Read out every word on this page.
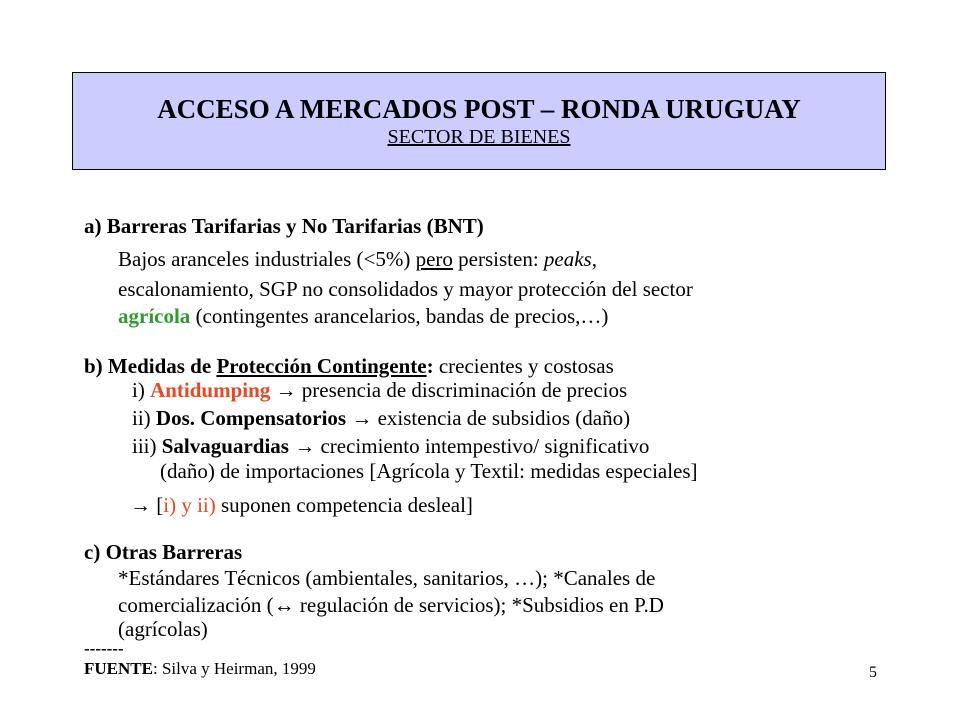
ACCESO A MERCADOS POST – RONDA URUGUAY
SECTOR DE BIENES
a) Barreras Tarifarias y No Tarifarias (BNT)
Bajos aranceles industriales (<5%) pero persisten: peaks,
escalonamiento, SGP no consolidados y mayor protección del sector
agrícola (contingentes arancelarios, bandas de precios,…)
b) Medidas de Protección Contingente: crecientes y costosas
i) Antidumping → presencia de discriminación de precios
ii) Dos. Compensatorios → existencia de subsidios (daño)
iii) Salvaguardias → crecimiento intempestivo/ significativo
(daño) de importaciones [Agrícola y Textil: medidas especiales]
→ [i) y ii) suponen competencia desleal]
c) Otras Barreras
*Estándares Técnicos (ambientales, sanitarios, …); *Canales de
comercialización (↔ regulación de servicios); *Subsidios en P.D
(agrícolas)
-------
FUENTE: Silva y Heirman, 1999	5
